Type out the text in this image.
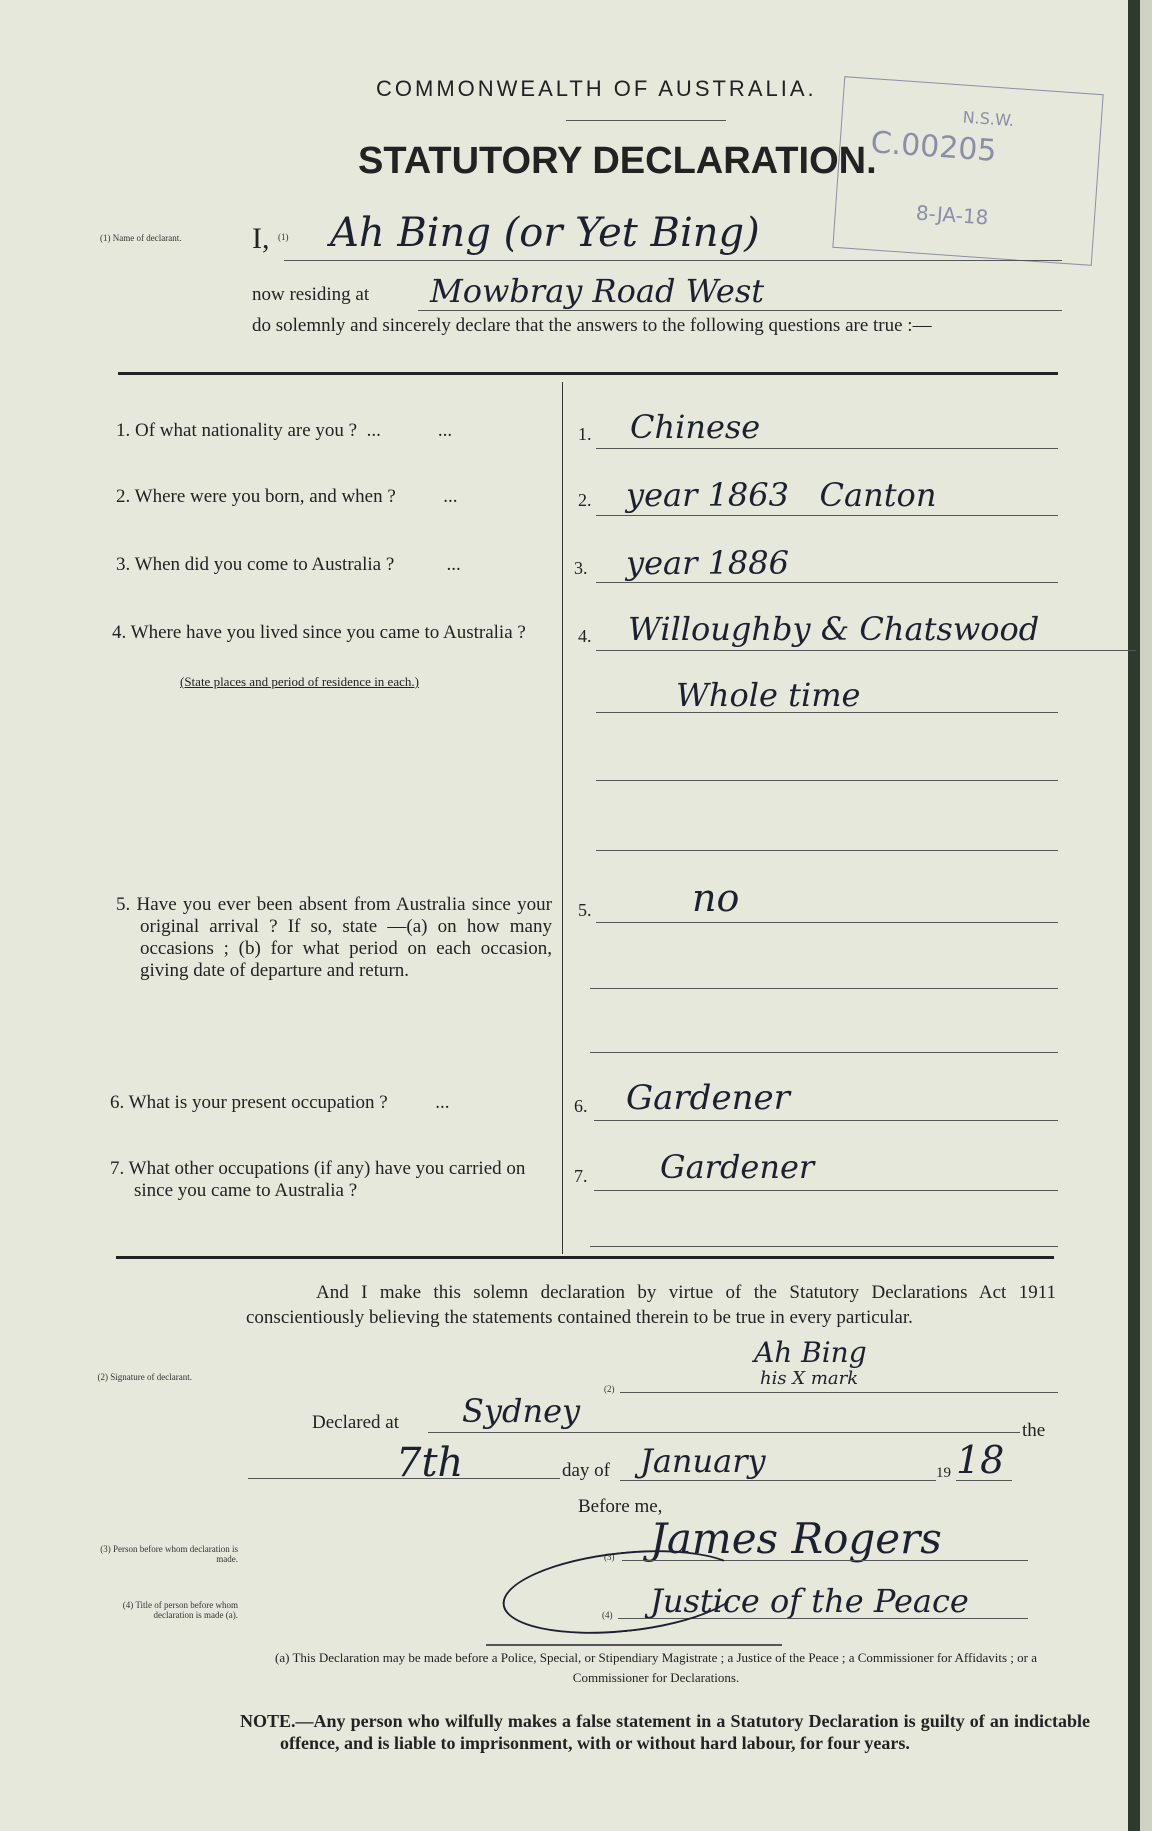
COMMONWEALTH OF AUSTRALIA.
STATUTORY DECLARATION.
N.S.W.
C.00205
8-JA-18
(1) Name of declarant.	I, (1) Ah Bing (or Yet Bing)
now residing at Mowbray Road West
do solemnly and sincerely declare that the answers to the following questions are true :—
1. Of what nationality are you ?  ...            ...	1. Chinese
2. Where were you born, and when ?          ...	2. year 1863   Canton
3. When did you come to Australia ?           ...	3. year 1886
4. Where have you lived since you came to Australia ?
(State places and period of residence in each.)
4. Willoughby & Chatswood
Whole time
5. Have you ever been absent from Australia since your original arrival ? If so, state —(a) on how many occasions ; (b) for what period on each occasion, giving date of departure and return.
5.	no
6. What is your present occupation ?          ...	6. Gardener
7. What other occupations (if any) have you carried on since you came to Australia ?
7. Gardener
And I make this solemn declaration by virtue of the Statutory Declarations Act 1911 conscientiously believing the statements contained therein to be true in every particular.
(2) Signature of declarant.
(2)
Ah Bing
his X mark
Declared at Sydney
the
7th	day of January	19 18
Before me,
(3) Person before whom declaration is made.	(3) James Rogers
(4) Title of person before whom declaration is made (a).	(4) Justice of the Peace
(a) This Declaration may be made before a Police, Special, or Stipendiary Magistrate ; a Justice of the Peace ; a Commissioner for Affidavits ; or a Commissioner for Declarations.
NOTE.—Any person who wilfully makes a false statement in a Statutory Declaration is guilty of an indictable offence, and is liable to imprisonment, with or without hard labour, for four years.
